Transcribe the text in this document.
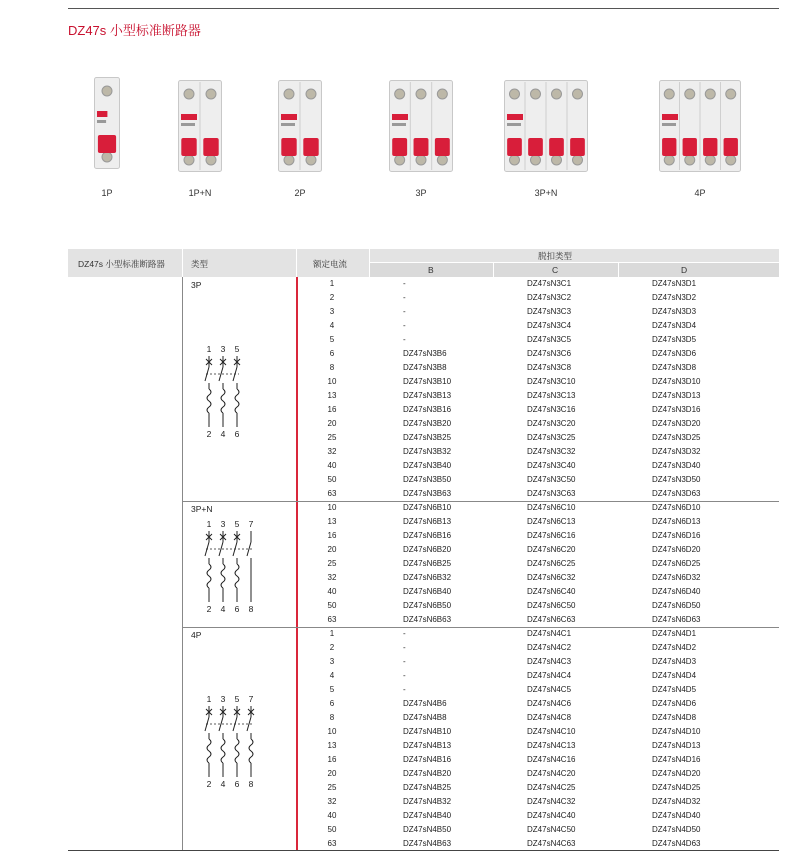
DZ47s 小型标准断路器
1P	1P+N	2P	3P	3P+N	4P
DZ47s 小型标准断路器	类型	额定电流
脱扣类型
B	C	D
3P	1	-	DZ47sN3C1	DZ47sN3D1
2	-	DZ47sN3C2	DZ47sN3D2
3	-	DZ47sN3C3	DZ47sN3D3
4	-	DZ47sN3C4	DZ47sN3D4
5	-	DZ47sN3C5	DZ47sN3D5
6	DZ47sN3B6	DZ47sN3C6	DZ47sN3D6
8	DZ47sN3B8	DZ47sN3C8	DZ47sN3D8
10	DZ47sN3B10	DZ47sN3C10	DZ47sN3D10
13	DZ47sN3B13	DZ47sN3C13	DZ47sN3D13
16	DZ47sN3B16	DZ47sN3C16	DZ47sN3D16
20	DZ47sN3B20	DZ47sN3C20	DZ47sN3D20
25	DZ47sN3B25	DZ47sN3C25	DZ47sN3D25
32	DZ47sN3B32	DZ47sN3C32	DZ47sN3D32
40	DZ47sN3B40	DZ47sN3C40	DZ47sN3D40
50	DZ47sN3B50	DZ47sN3C50	DZ47sN3D50
63	DZ47sN3B63	DZ47sN3C63	DZ47sN3D63
1
2
3
4
5
6
3P+N	10	DZ47sN6B10	DZ47sN6C10	DZ47sN6D10
13	DZ47sN6B13	DZ47sN6C13	DZ47sN6D13
16	DZ47sN6B16	DZ47sN6C16	DZ47sN6D16
20	DZ47sN6B20	DZ47sN6C20	DZ47sN6D20
25	DZ47sN6B25	DZ47sN6C25	DZ47sN6D25
32	DZ47sN6B32	DZ47sN6C32	DZ47sN6D32
40	DZ47sN6B40	DZ47sN6C40	DZ47sN6D40
50	DZ47sN6B50	DZ47sN6C50	DZ47sN6D50
63	DZ47sN6B63	DZ47sN6C63	DZ47sN6D63
1
2
3
4
5
6
7
8
4P	1	-	DZ47sN4C1	DZ47sN4D1
2	-	DZ47sN4C2	DZ47sN4D2
3	-	DZ47sN4C3	DZ47sN4D3
4	-	DZ47sN4C4	DZ47sN4D4
5	-	DZ47sN4C5	DZ47sN4D5
6	DZ47sN4B6	DZ47sN4C6	DZ47sN4D6
8	DZ47sN4B8	DZ47sN4C8	DZ47sN4D8
10	DZ47sN4B10	DZ47sN4C10	DZ47sN4D10
13	DZ47sN4B13	DZ47sN4C13	DZ47sN4D13
16	DZ47sN4B16	DZ47sN4C16	DZ47sN4D16
20	DZ47sN4B20	DZ47sN4C20	DZ47sN4D20
25	DZ47sN4B25	DZ47sN4C25	DZ47sN4D25
32	DZ47sN4B32	DZ47sN4C32	DZ47sN4D32
40	DZ47sN4B40	DZ47sN4C40	DZ47sN4D40
50	DZ47sN4B50	DZ47sN4C50	DZ47sN4D50
63	DZ47sN4B63	DZ47sN4C63	DZ47sN4D63
1
2
3
4
5
6
7
8
